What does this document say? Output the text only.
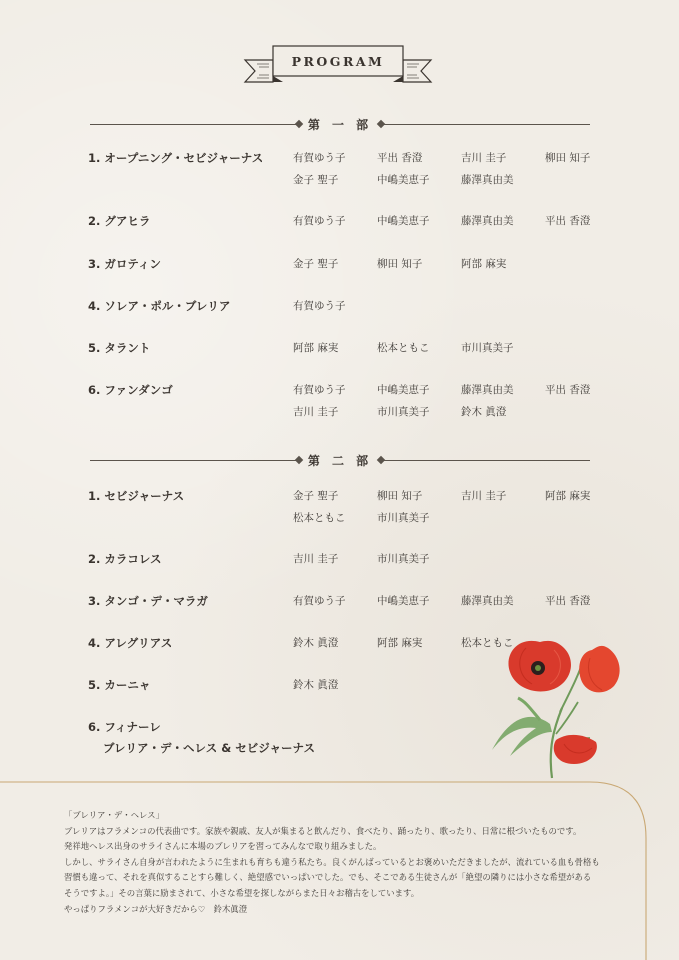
PROGRAM
第 一 部
1. オープニング・セビジャーナス	有賀ゆう子	平出 香澄	吉川 圭子	柳田 知子
金子 聖子	中嶋美恵子	藤澤真由美
2. グアヒラ	有賀ゆう子	中嶋美恵子	藤澤真由美	平出 香澄
3. ガロティン	金子 聖子	柳田 知子	阿部 麻実
4. ソレア・ポル・ブレリア	有賀ゆう子
5. タラント	阿部 麻実	松本ともこ	市川真美子
6. ファンダンゴ	有賀ゆう子	中嶋美恵子	藤澤真由美	平出 香澄
吉川 圭子	市川真美子	鈴木 眞澄
第 二 部
1. セビジャーナス	金子 聖子	柳田 知子	吉川 圭子	阿部 麻実
松本ともこ	市川真美子
2. カラコレス	吉川 圭子	市川真美子
3. タンゴ・デ・マラガ	有賀ゆう子	中嶋美恵子	藤澤真由美	平出 香澄
4. アレグリアス	鈴木 眞澄	阿部 麻実	松本ともこ
5. カーニャ	鈴木 眞澄
6. フィナーレ
ブレリア・デ・ヘレス & セビジャーナス

「ブレリア・デ・ヘレス」

ブレリアはフラメンコの代表曲です。家族や親戚、友人が集まると飲んだり、食べたり、踊ったり、歌ったり、日常に根づいたものです。

発祥地ヘレス出身のサライさんに本場のブレリアを習ってみんなで取り組みました。

しかし、サライさん自身が言われたように生まれも育ちも違う私たち。良くがんばっているとお褒めいただきましたが、流れている血も骨格も

習慣も違って、それを真似することすら難しく、絶望感でいっぱいでした。でも、そこである生徒さんが「絶望の隣りには小さな希望がある

そうですよ。」その言葉に励まされて、小さな希望を探しながらまた日々お稽古をしています。

やっぱりフラメンコが大好きだから♡　鈴木眞澄
